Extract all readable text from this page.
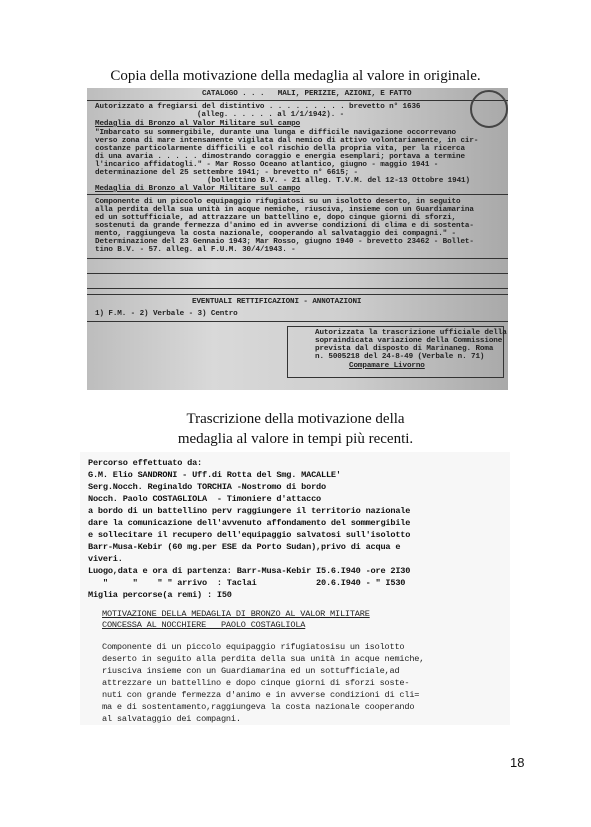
Copia della motivazione della medaglia al valore in originale.
CATALOGO . . .   MALI, PERIZIE, AZIONI, E FATTO
Autorizzato a fregiarsi del distintivo . . . . . . . . . brevetto n° 1636
(alleg. . . . . . al 1/1/1942). -
Medaglia di Bronzo al Valor Militare sul campo
"Imbarcato su sommergibile, durante una lunga e difficile navigazione occorrevano
verso zona di mare intensamente vigilata dal nemico di attivo volontariamente, in cir-
costanze particolarmente difficili e col rischio della propria vita, per la ricerca
di una avaria . . . . . dimostrando coraggio e energia esemplari; portava a termine
l'incarico affidatogli." - Mar Rosso Oceano atlantico, giugno - maggio 1941 -
determinazione del 25 settembre 1941; - brevetto n° 6615; -
(bollettino B.V. - 21 alleg. T.V.M. del 12-13 Ottobre 1941)
Medaglia di Bronzo al Valor Militare sul campo
Componente di un piccolo equipaggio rifugiatosi su un isolotto deserto, in seguito
alla perdita della sua unità in acque nemiche, riusciva, insieme con un Guardiamarina
ed un sottufficiale, ad attrazzare un battellino e, dopo cinque giorni di sforzi,
sostenuti da grande fermezza d'animo ed in avverse condizioni di clima e di sostenta-
mento, raggiungeva la costa nazionale, cooperando al salvataggio dei compagni." -
Determinazione del 23 Gennaio 1943; Mar Rosso, giugno 1940 - brevetto 23462 - Bollet-
tino B.V. - 57. alleg. al F.U.M. 30/4/1943. -
EVENTUALI RETTIFICAZIONI - ANNOTAZIONI
1) F.M. - 2) Verbale - 3) Centro
Autorizzata la trascrizione ufficiale della
sopraindicata variazione della Commissione
prevista dal disposto di Marinaneg. Roma
n. 5005218 del 24-8-49 (Verbale n. 71)
Compamare Livorno
Trascrizione della motivazione della
medaglia al valore in tempi più recenti.
Percorso effettuato da:
G.M. Elio SANDRONI - Uff.di Rotta del Smg. MACALLE'
Serg.Nocch. Reginaldo TORCHIA -Nostromo di bordo
Nocch. Paolo COSTAGLIOLA  - Timoniere d'attacco
a bordo di un battellino perv raggiungere il territorio nazionale
dare la comunicazione dell'avvenuto affondamento del sommergibile
e sollecitare il recupero dell'equipaggio salvatosi sull'isolotto
Barr-Musa-Kebir (60 mg.per ESE da Porto Sudan),privo di acqua e
viveri.
Luogo,data e ora di partenza: Barr-Musa-Kebir I5.6.I940 -ore 2I30
"     "    " " arrivo  : Taclai            20.6.I940 - " I530
Miglia percorse(a remi) : I50
MOTIVAZIONE DELLA MEDAGLIA DI BRONZO AL VALOR MILITARE
CONCESSA AL NOCCHIERE   PAOLO COSTAGLIOLA
Componente di un piccolo equipaggio rifugiatosisu un isolotto
deserto in seguito alla perdita della sua unità in acque nemiche,
riusciva insieme con un Guardiamarina ed un sottufficiale,ad
attrezzare un battellino e dopo cinque giorni di sforzi soste-
nuti con grande fermezza d'animo e in avverse condizioni di cli=
ma e di sostentamento,raggiungeva la costa nazionale cooperando
al salvataggio dei compagni.
18
